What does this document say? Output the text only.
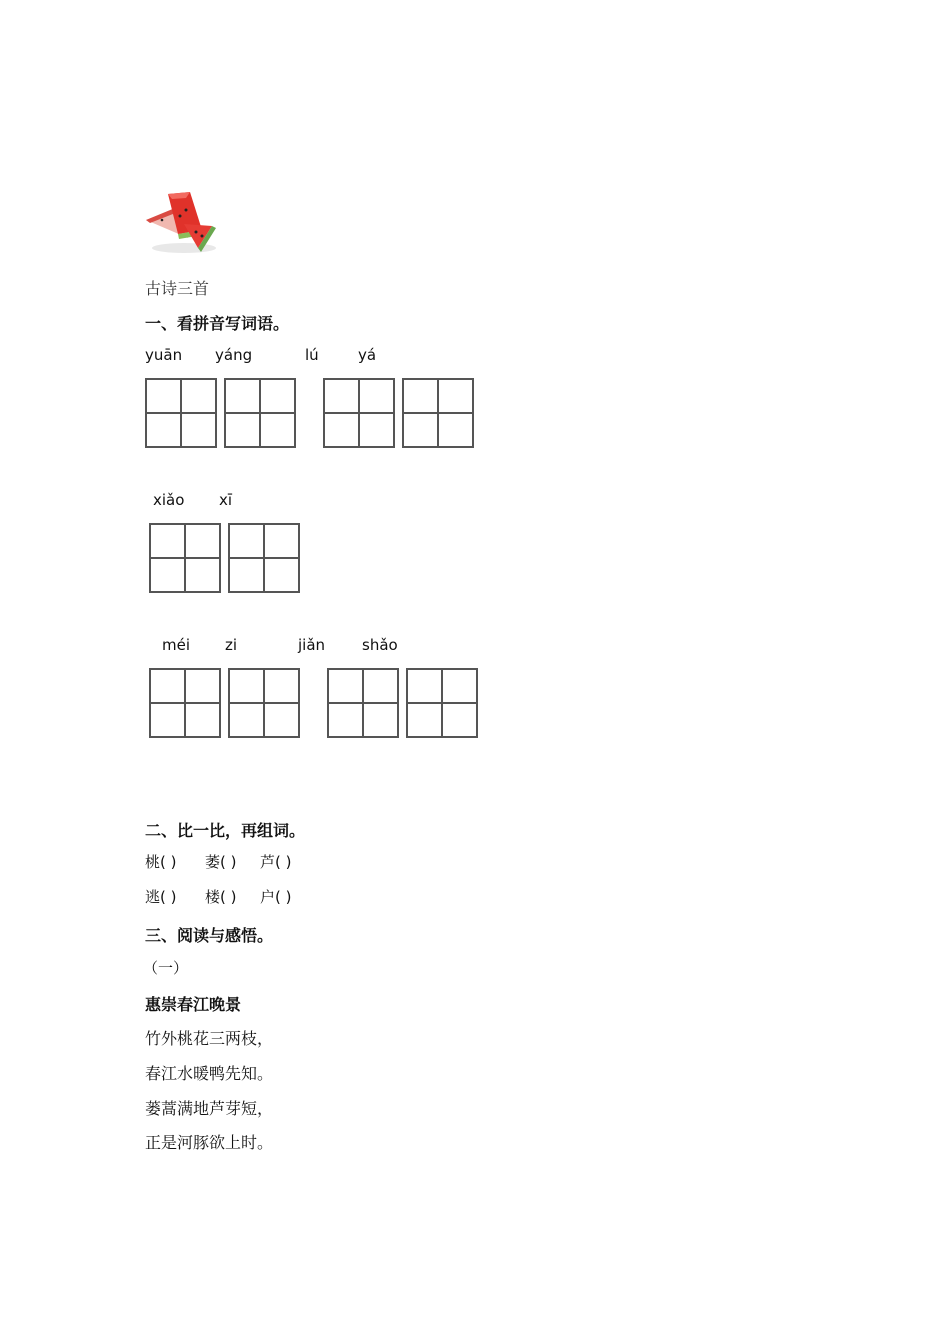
古诗三首
一、看拼音写词语。
yuān yáng	lú	yá
xiǎo xī
méi zi	jiǎn shǎo
二、比一比，再组词。
桃( ) 萎( ) 芦( )
逃( ) 楼( ) 户( )
三、阅读与感悟。
（一）
惠崇春江晚景
竹外桃花三两枝，
春江水暖鸭先知。
蒌蒿满地芦芽短，
正是河豚欲上时。
